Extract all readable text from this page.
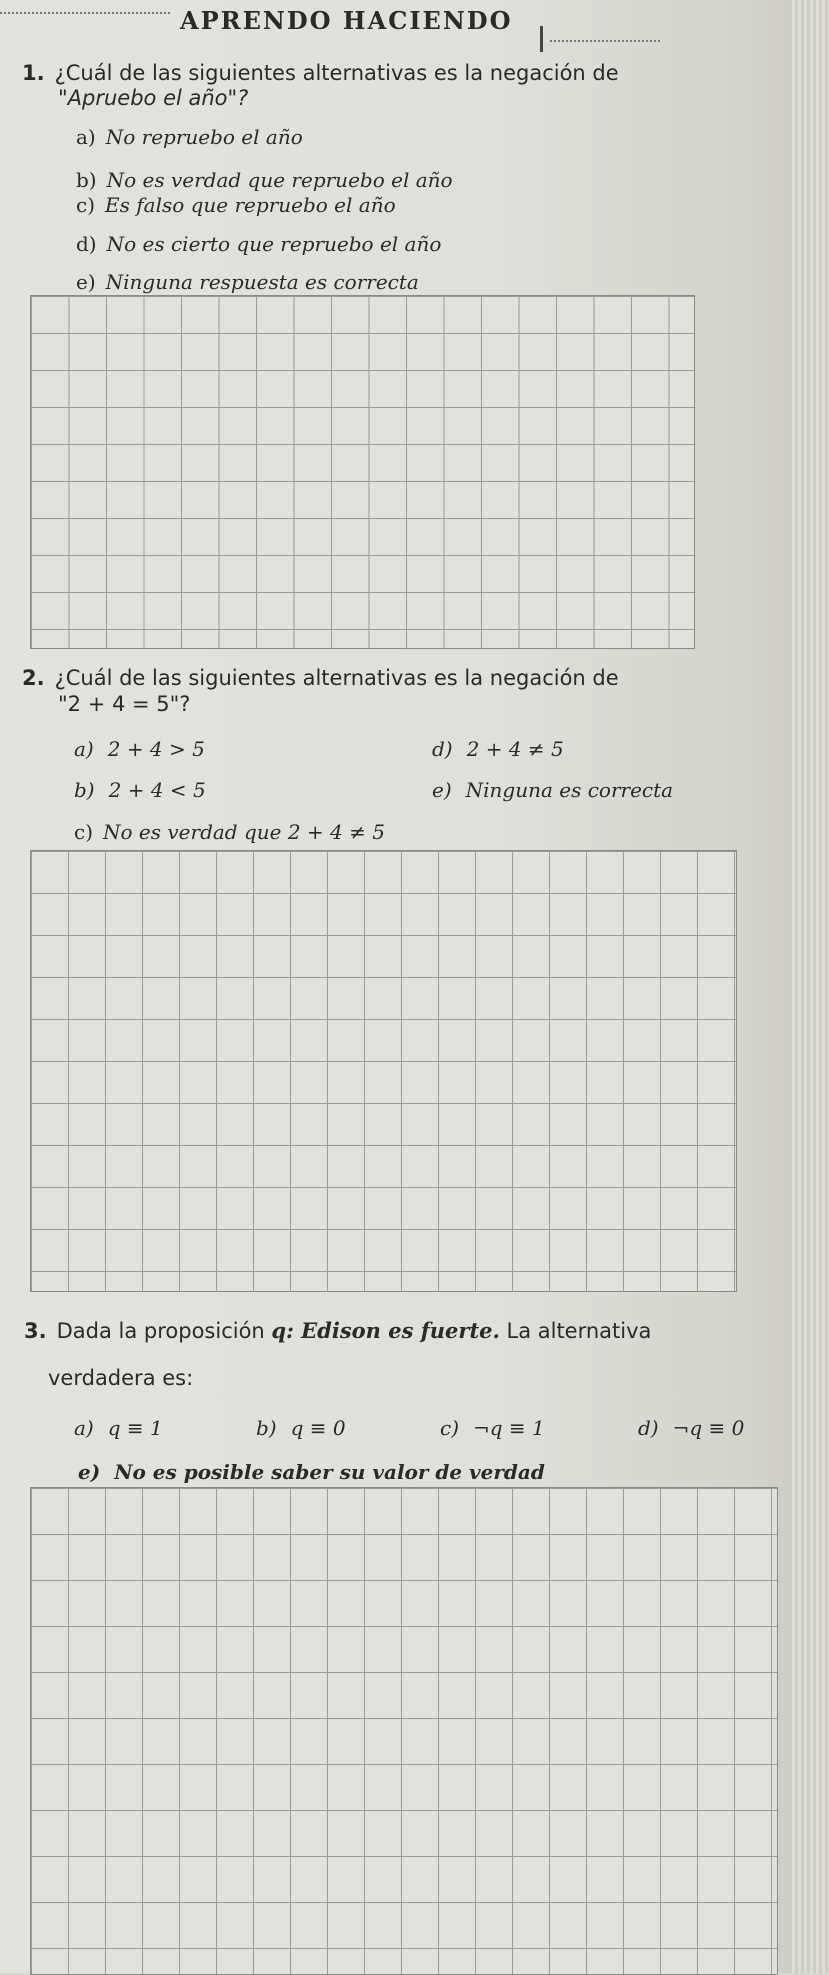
APRENDO HACIENDO
1. ¿Cuál de las siguientes alternativas es la negación de
"Apruebo el año"?
a) No repruebo el año
b) No es verdad que repruebo el año
c) Es falso que repruebo el año
d) No es cierto que repruebo el año
e) Ninguna respuesta es correcta
2. ¿Cuál de las siguientes alternativas es la negación de
"2 + 4 = 5"?
a) 2 + 4 > 5	d) 2 + 4 ≠ 5
b) 2 + 4 < 5	e) Ninguna es correcta
c) No es verdad que 2 + 4 ≠ 5
3. Dada la proposición q: Edison es fuerte. La alternativa
verdadera es:
a) q ≡ 1	b) q ≡ 0	c) ¬q ≡ 1	d) ¬q ≡ 0
e) No es posible saber su valor de verdad
